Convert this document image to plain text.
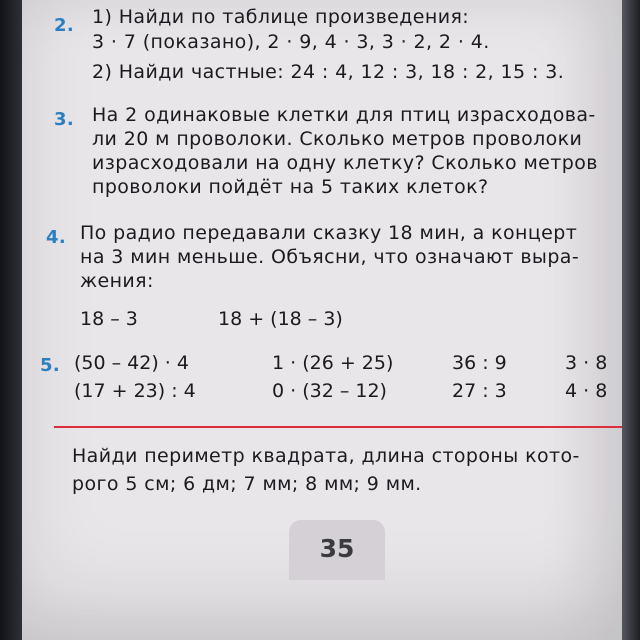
2. 1) Найди по таблице произведения:
3 · 7 (показано), 2 · 9, 4 · 3, 3 · 2, 2 · 4.
2) Найди частные: 24 : 4, 12 : 3, 18 : 2, 15 : 3.
3. На 2 одинаковые клетки для птиц израсходова-
ли 20 м проволоки. Сколько метров проволоки
израсходовали на одну клетку? Сколько метров
проволоки пойдёт на 5 таких клеток?
4. По радио передавали сказку 18 мин, а концерт
на 3 мин меньше. Объясни, что означают выра-
жения:
18 – 3	18 + (18 – 3)
5. (50 – 42) · 4	1 · (26 + 25)	36 : 9	3 · 8
(17 + 23) : 4	0 · (32 – 12)	27 : 3	4 · 8
Найди периметр квадрата, длина стороны кото-
рого 5 см; 6 дм; 7 мм; 8 мм; 9 мм.
35
